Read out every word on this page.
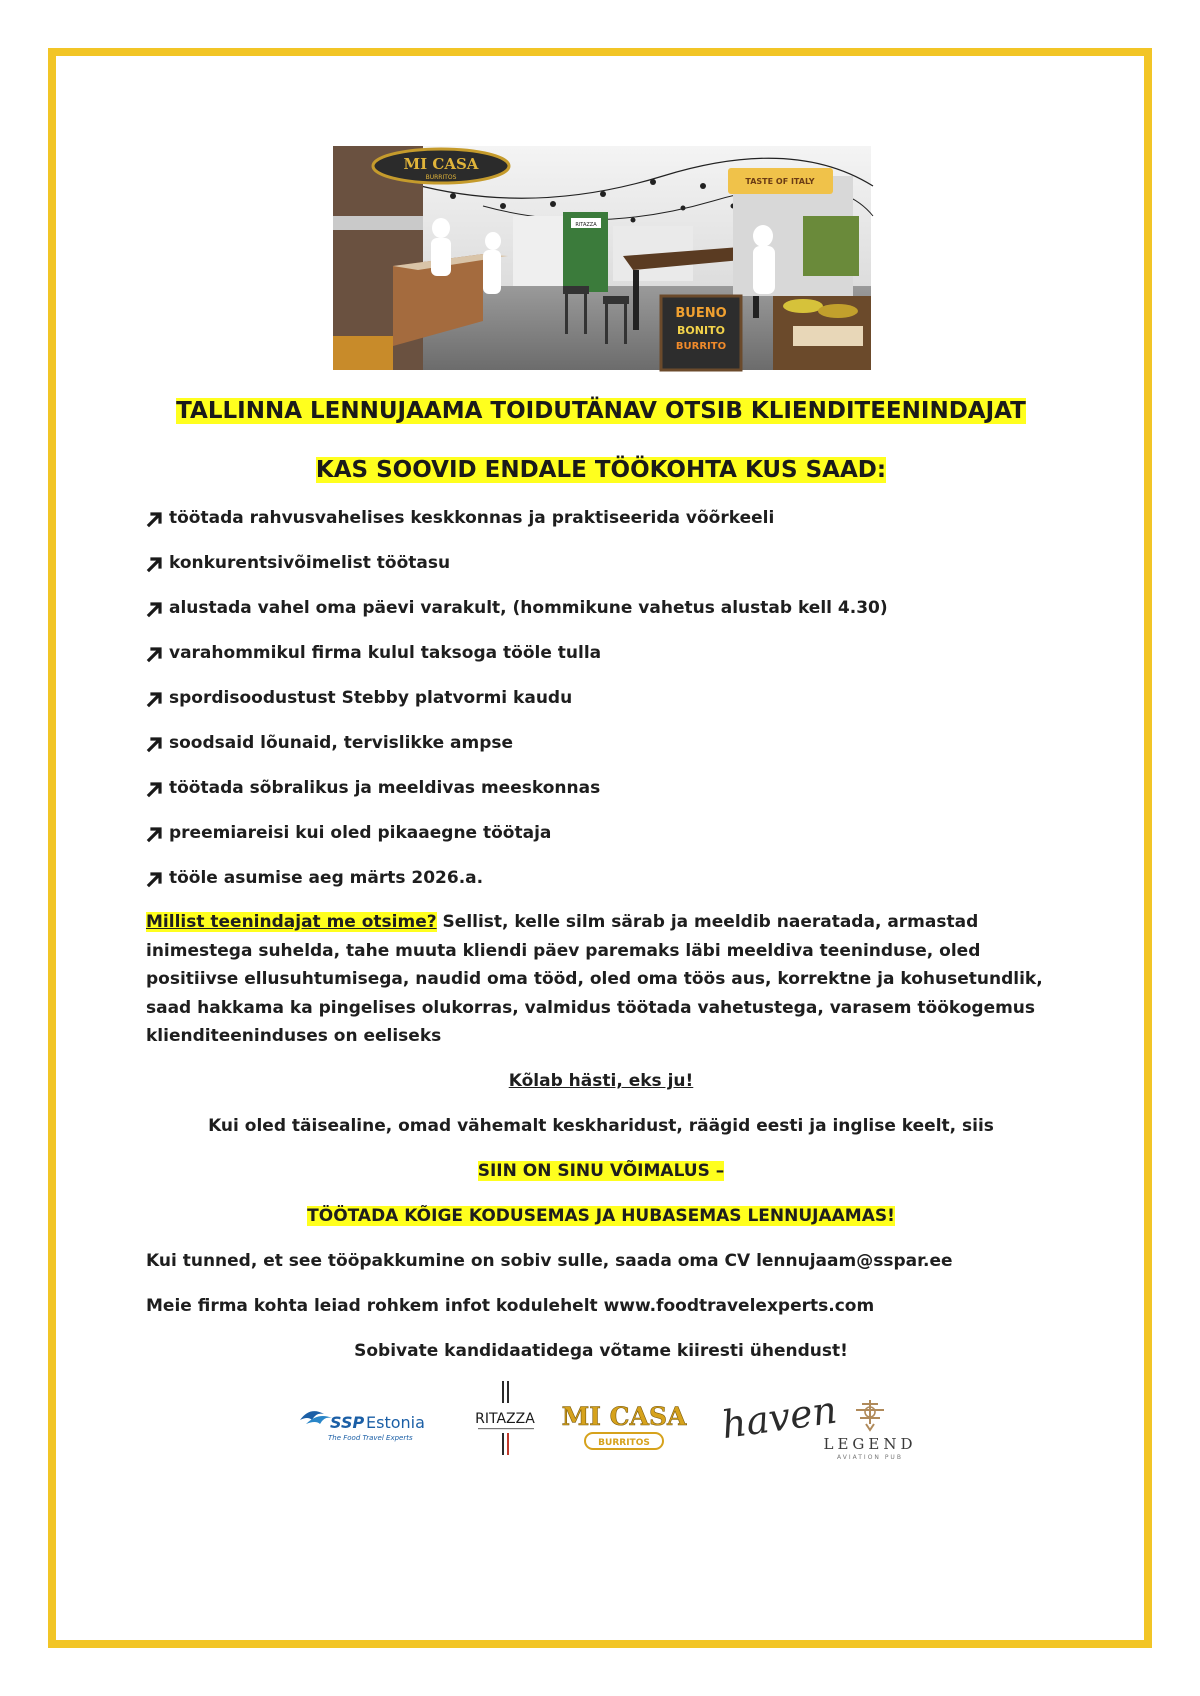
MI CASA
BURRITOS
RITAZZA
TASTE OF ITALY
BUENO
BONITO
BURRITO
TALLINNA LENNUJAAMA TOIDUTÄNAV OTSIB KLIENDITEENINDAJAT
KAS SOOVID ENDALE TÖÖKOHTA KUS SAAD:
töötada rahvusvahelises keskkonnas ja praktiseerida võõrkeeli
konkurentsivõimelist töötasu
alustada vahel oma päevi varakult, (hommikune vahetus alustab kell 4.30)
varahommikul firma kulul taksoga tööle tulla
spordisoodustust Stebby platvormi kaudu
soodsaid lõunaid, tervislikke ampse
töötada sõbralikus ja meeldivas meeskonnas
preemiareisi kui oled pikaaegne töötaja
tööle asumise aeg märts 2026.a.

Millist teenindajat me otsime? Sellist, kelle silm särab ja meeldib naeratada, armastad inimestega suhelda, tahe muuta kliendi päev paremaks läbi meeldiva teeninduse, oled positiivse ellusuhtumisega, naudid oma tööd, oled oma töös aus, korrektne ja kohusetundlik, saad hakkama ka pingelises olukorras, valmidus töötada vahetustega, varasem töökogemus klienditeeninduses on eeliseks

Kõlab hästi, eks ju!
Kui oled täisealine, omad vähemalt keskharidust, räägid eesti ja inglise keelt, siis
SIIN ON SINU VÕIMALUS –
TÖÖTADA KÕIGE KODUSEMAS JA HUBASEMAS LENNUJAAMAS!
Kui tunned, et see tööpakkumine on sobiv sulle, saada oma CV lennujaam@sspar.ee
Meie firma kohta leiad rohkem infot kodulehelt www.foodtravelexperts.com
Sobivate kandidaatidega võtame kiiresti ühendust!
SSP Estonia
The Food Travel Experts
RITAZZA MI CASA
BURRITOS haven
LEGEND
AVIATION PUB
